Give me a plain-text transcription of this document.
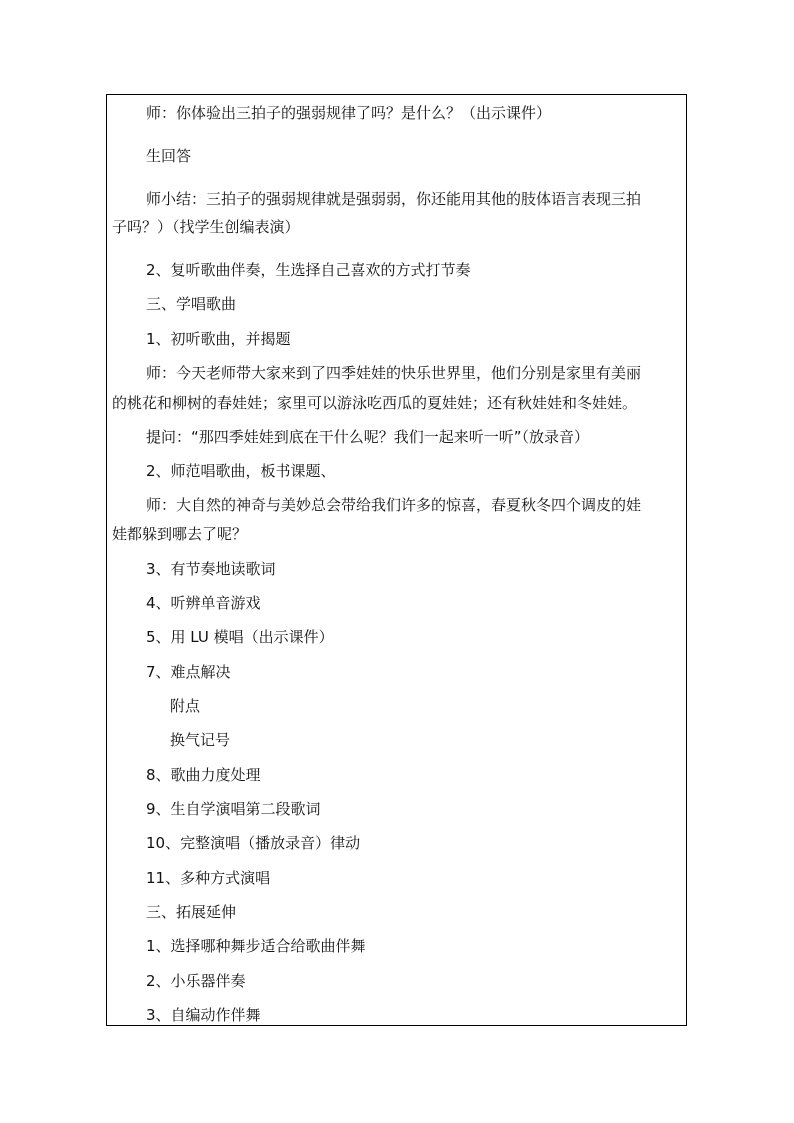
师：你体验出三拍子的强弱规律了吗？是什么？（出示课件）
生回答
师小结：三拍子的强弱规律就是强弱弱，你还能用其他的肢体语言表现三拍
子吗？）（找学生创编表演）
2、复听歌曲伴奏，生选择自己喜欢的方式打节奏
三、学唱歌曲
1、初听歌曲，并揭题
师：今天老师带大家来到了四季娃娃的快乐世界里，他们分别是家里有美丽
的桃花和柳树的春娃娃；家里可以游泳吃西瓜的夏娃娃；还有秋娃娃和冬娃娃。
提问：“那四季娃娃到底在干什么呢？我们一起来听一听”（放录音）
2、师范唱歌曲，板书课题、
师：大自然的神奇与美妙总会带给我们许多的惊喜，春夏秋冬四个调皮的娃
娃都躲到哪去了呢？
3、有节奏地读歌词
4、听辨单音游戏
5、用 LU 模唱（出示课件）
7、难点解决
附点
换气记号
8、歌曲力度处理
9、生自学演唱第二段歌词
10、完整演唱（播放录音）律动
11、多种方式演唱
三、拓展延伸
1、选择哪种舞步适合给歌曲伴舞
2、小乐器伴奏
3、自编动作伴舞
